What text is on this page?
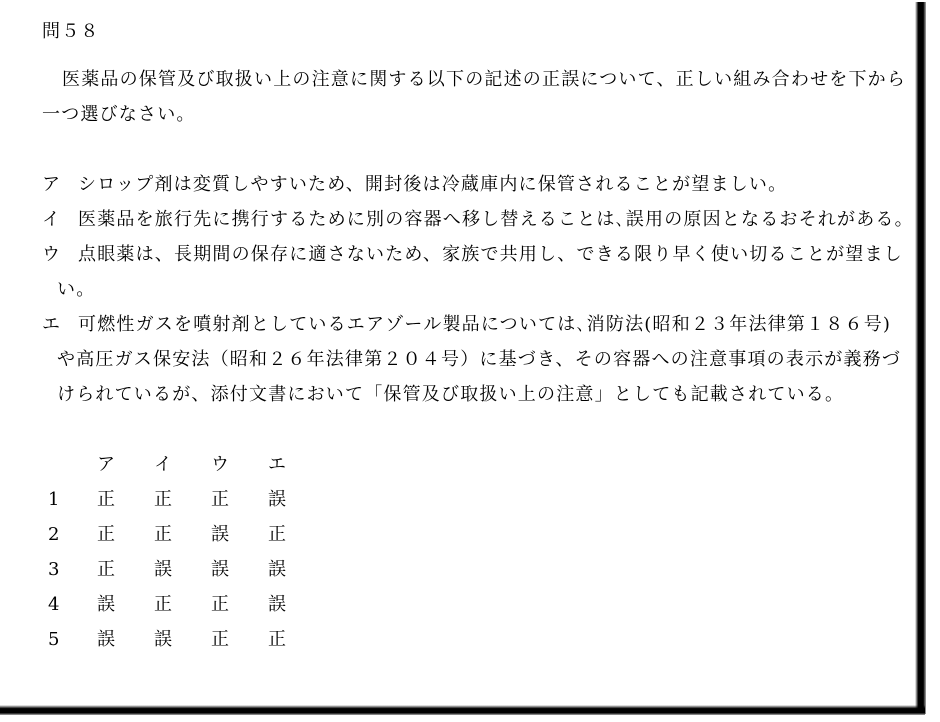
問５８
医薬品の保管及び取扱い上の注意に関する以下の記述の正誤について、正しい組み合わせを下から
一つ選びなさい。
ア シロップ剤は変質しやすいため、開封後は冷蔵庫内に保管されることが望ましい。
イ 医薬品を旅行先に携行するために別の容器へ移し替えることは､誤用の原因となるおそれがある。
ウ 点眼薬は、長期間の保存に適さないため、家族で共用し、できる限り早く使い切ることが望まし
い。
エ 可燃性ガスを噴射剤としているエアゾール製品については､消防法(昭和２３年法律第１８６号)
や高圧ガス保安法（昭和２６年法律第２０４号）に基づき、その容器への注意事項の表示が義務づ
けられているが、添付文書において「保管及び取扱い上の注意」としても記載されている。
ア イ ウ エ
1 正 正 正 誤
2 正 正 誤 正
3 正 誤 誤 誤
4 誤 正 正 誤
5 誤 誤 正 正
